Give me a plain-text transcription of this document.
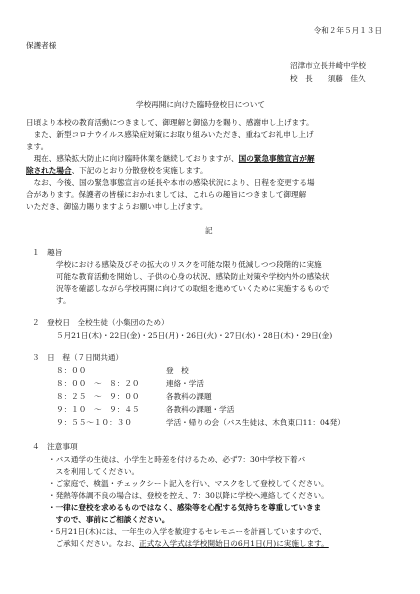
令和２年５月１３日
保護者様
沼津市立長井崎中学校
校　長 須藤　佳久
学校再開に向けた臨時登校日について
日頃より本校の教育活動につきまして、御理解と御協力を賜り、感謝申し上げます。
　また、新型コロナウイルス感染症対策にお取り組みいただき、重ねてお礼申し上げ
ます。
　現在、感染拡大防止に向け臨時休業を継続しておりますが、国の緊急事態宣言が解
除された場合、下記のとおり分散登校を実施します。
　なお、今後、国の緊急事態宣言の延長や本市の感染状況により、日程を変更する場
合があります。保護者の皆様におかれましては、これらの趣旨につきまして御理解
いただき、御協力賜りますようお願い申し上げます。
記
１　趣旨
学校における感染及びその拡大のリスクを可能な限り低減しつつ段階的に実施
可能な教育活動を開始し、子供の心身の状況、感染防止対策や学校内外の感染状
況等を確認しながら学校再開に向けての取組を進めていくために実施するもので
す。
２　登校日　全校生徒（小集団のため）
５月21日(木)・22日(金)・25日(月)・26日(火)・27日(水)・28日(木)・29日(金)
３　日　程（７日間共通）
８：００	登　校
８：００　～　８：２０	連絡・学活
８：２５　～　９：００	各教科の課題
９：１０　～　９：４５	各教科の課題・学活
９：５５～１０：３０	学活・帰りの会（バス生徒は、木負東口11：04発）
４　注意事項
・バス通学の生徒は、小学生と時差を付けるため、必ず7：30中学校下着バ
　スを利用してください。
・ご家庭で、検温・チェックシート記入を行い、マスクをして登校してください。
・発熱等体調不良の場合は、登校を控え、7：30以降に学校へ連絡してください。
・一律に登校を求めるものではなく、感染等を心配する気持ちを尊重していきま
　すので、事前にご相談ください。
・5月21日(木)には、一年生の入学を歓迎するセレモニーを計画していますので、
　ご承知ください。なお、正式な入学式は学校開始日の6月1日(月)に実施します。
